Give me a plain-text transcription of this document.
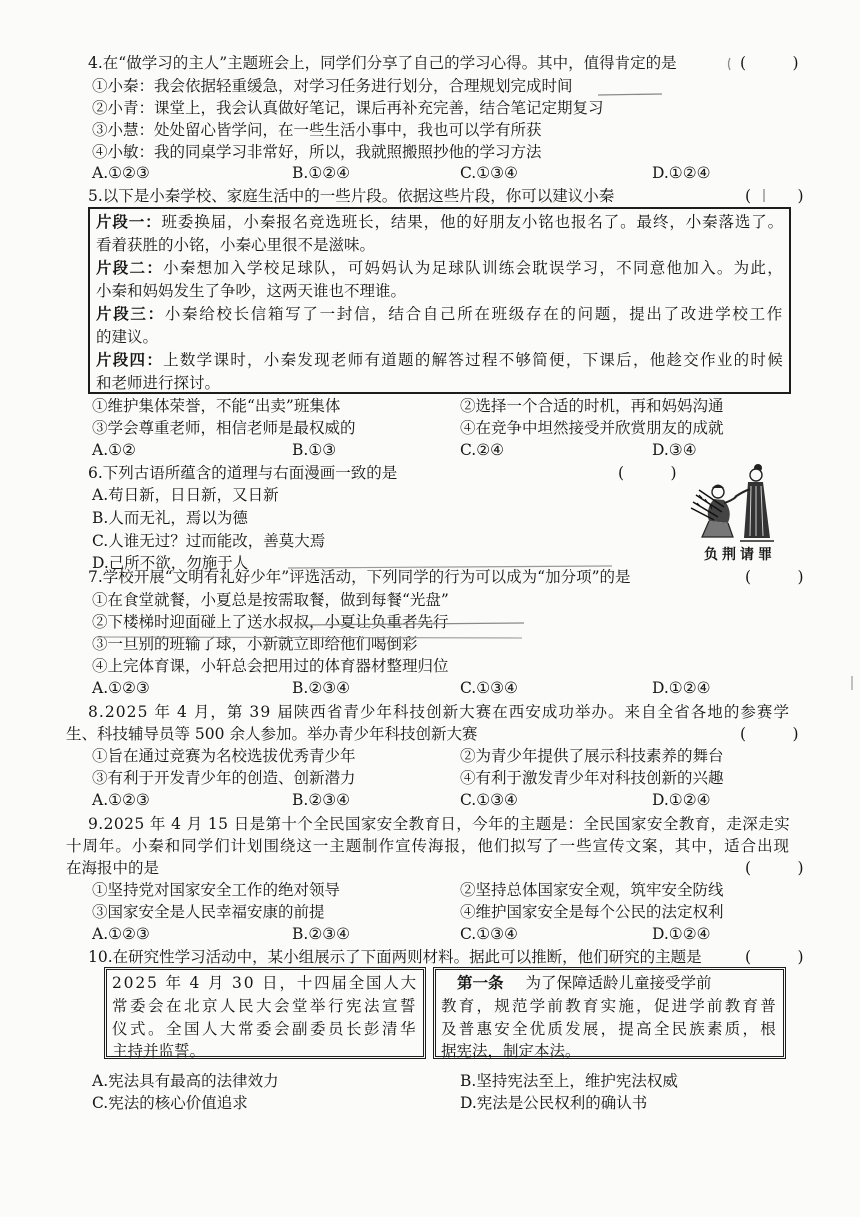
4.在“做学习的主人”主题班会上，同学们分享了自己的学习心得。其中，值得肯定的是	(　　　)
①小秦：我会依据轻重缓急，对学习任务进行划分，合理规划完成时间
②小青：课堂上，我会认真做好笔记，课后再补充完善，结合笔记定期复习
③小慧：处处留心皆学问，在一些生活小事中，我也可以学有所获
④小敏：我的同桌学习非常好，所以，我就照搬照抄他的学习方法
A.①②③	B.①②④	C.①③④	D.①②④
5.以下是小秦学校、家庭生活中的一些片段。依据这些片段，你可以建议小秦	(　　　)
片段一：班委换届，小秦报名竞选班长，结果，他的好朋友小铭也报名了。最终，小秦落选了。
看着获胜的小铭，小秦心里很不是滋味。
片段二：小秦想加入学校足球队，可妈妈认为足球队训练会耽误学习，不同意他加入。为此，
小秦和妈妈发生了争吵，这两天谁也不理谁。
片段三：小秦给校长信箱写了一封信，结合自己所在班级存在的问题，提出了改进学校工作
的建议。
片段四：上数学课时，小秦发现老师有道题的解答过程不够简便，下课后，他趁交作业的时候
和老师进行探讨。
①维护集体荣誉，不能“出卖”班集体	②选择一个合适的时机，再和妈妈沟通
③学会尊重老师，相信老师是最权威的	④在竞争中坦然接受并欣赏朋友的成就
A.①②	B.①③	C.②④	D.③④
6.下列古语所蕴含的道理与右面漫画一致的是	(　　　)
A.苟日新，日日新，又日新
B.人而无礼，焉以为德
C.人谁无过？过而能改，善莫大焉
D.己所不欲，勿施于人	负荆请罪
7.学校开展“文明有礼好少年”评选活动，下列同学的行为可以成为“加分项”的是	(　　　)
①在食堂就餐，小夏总是按需取餐，做到每餐“光盘”
②下楼梯时迎面碰上了送水叔叔，小夏让负重者先行
③一旦别的班输了球，小新就立即给他们喝倒彩
④上完体育课，小轩总会把用过的体育器材整理归位
A.①②③	B.②③④	C.①③④	D.①②④
8.2025 年 4 月，第 39 届陕西省青少年科技创新大赛在西安成功举办。来自全省各地的参赛学
生、科技辅导员等 500 余人参加。举办青少年科技创新大赛	(　　　)
①旨在通过竞赛为名校选拔优秀青少年	②为青少年提供了展示科技素养的舞台
③有利于开发青少年的创造、创新潜力	④有利于激发青少年对科技创新的兴趣
A.①②③	B.②③④	C.①③④	D.①②④
9.2025 年 4 月 15 日是第十个全民国家安全教育日，今年的主题是：全民国家安全教育，走深走实
十周年。小秦和同学们计划围绕这一主题制作宣传海报，他们拟写了一些宣传文案，其中，适合出现
在海报中的是	(　　　)
①坚持党对国家安全工作的绝对领导	②坚持总体国家安全观，筑牢安全防线
③国家安全是人民幸福安康的前提	④维护国家安全是每个公民的法定权利
A.①②③	B.②③④	C.①③④	D.①②④
10.在研究性学习活动中，某小组展示了下面两则材料。据此可以推断，他们研究的主题是	(　　　)
2025 年 4 月 30 日，十四届全国人大
常委会在北京人民大会堂举行宪法宣誓
仪式。全国人大常委会副委员长彭清华
主持并监誓。
第一条 为了保障适龄儿童接受学前
教育，规范学前教育实施，促进学前教育普
及普惠安全优质发展，提高全民族素质，根
据宪法，制定本法。
A.宪法具有最高的法律效力	B.坚持宪法至上，维护宪法权威
C.宪法的核心价值追求	D.宪法是公民权利的确认书
